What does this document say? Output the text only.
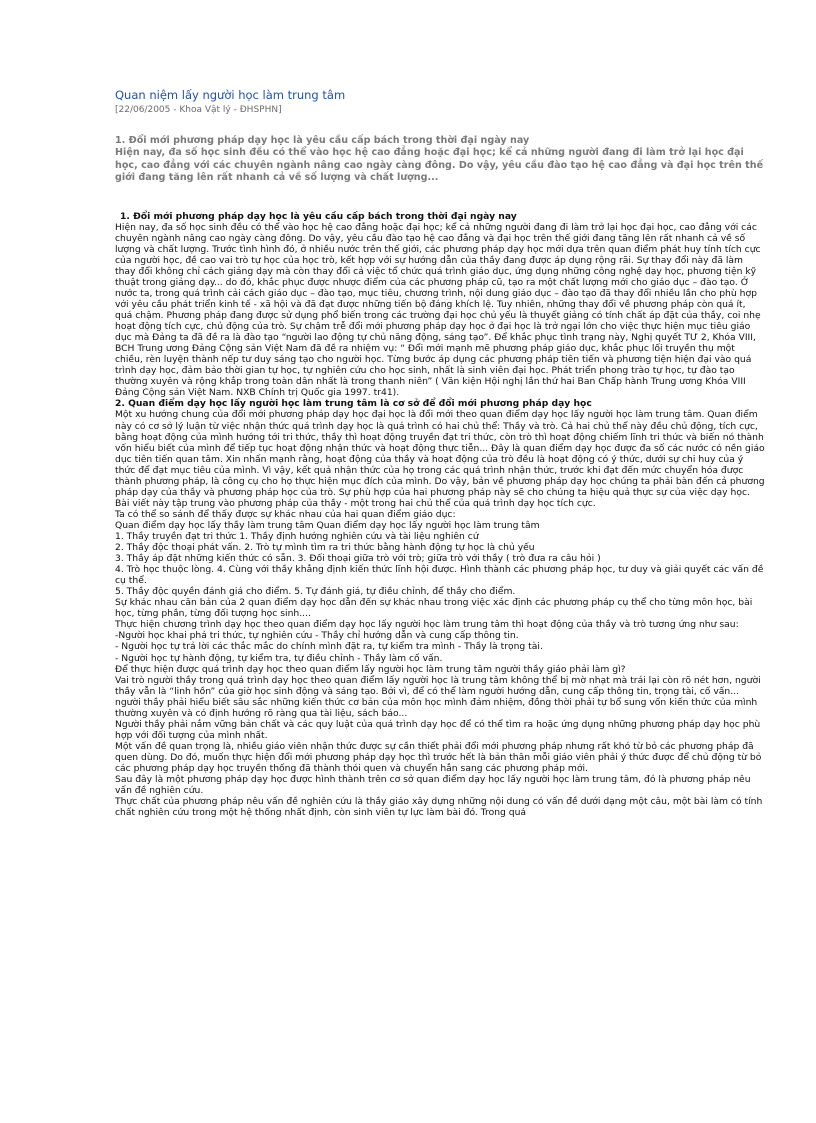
Quan niệm lấy người học làm trung tâm
[22/06/2005 - Khoa Vật lý - ĐHSPHN]

1. Đổi mới phương pháp dạy học là yêu cầu cấp bách trong thời đại ngày nay

Hiện nay, đa số học sinh đều có thể vào học hệ cao đẳng hoặc đại học; kể cả những người đang đi làm trở lại học đại học, cao đẳng với các chuyên ngành nâng cao ngày càng đông. Do vậy, yêu cầu đào tạo hệ cao đẳng và đại học trên thế giới đang tăng lên rất nhanh cả về số lượng và chất lượng...

1. Đổi mới phương pháp dạy học là yêu cầu cấp bách trong thời đại ngày nay

Hiện nay, đa số học sinh đều có thể vào học hệ cao đẳng hoặc đại học; kể cả những người đang đi làm trở lại học đại học, cao đẳng với các chuyên ngành nâng cao ngày càng đông. Do vậy, yêu cầu đào tạo hệ cao đẳng và đại học trên thế giới đang tăng lên rất nhanh cả về số lượng và chất lượng. Trước tình hình đó, ở nhiều nước trên thế giới, các phương pháp dạy học mới dựa trên quan điểm phát huy tính tích cực của người học, đề cao vai trò tự học của học trò, kết hợp với sự hướng dẫn của thầy đang được áp dụng rộng rãi. Sự thay đổi này đã làm thay đổi không chỉ cách giảng dạy mà còn thay đổi cả việc tổ chức quá trình giáo dục, ứng dụng những công nghệ dạy học, phương tiện kỹ thuật trong giảng dạy... do đó, khắc phục được nhược điểm của các phương pháp cũ, tạo ra một chất lượng mới cho giáo dục – đào tạo. Ở nước ta, trong quá trình cải cách giáo dục – đào tạo, mục tiêu, chương trình, nội dung giáo dục – đào tạo đã thay đổi nhiều lần cho phù hợp với yêu cầu phát triển kinh tế - xã hội và đã đạt được những tiến bộ đáng khích lệ. Tuy nhiên, những thay đổi về phương pháp còn quá ít, quá chậm. Phương pháp đang được sử dụng phổ biến trong các trường đại học chủ yếu là thuyết giảng có tính chất áp đặt của thầy, coi nhẹ hoạt động tích cực, chủ động của trò. Sự chậm trễ đổi mới phương pháp dạy học ở đại học là trở ngại lớn cho việc thực hiện mục tiêu giáo dục mà Đảng ta đã đề ra là đào tạo “người lao động tự chủ năng động, sáng tạo”. Để khắc phục tình trạng này, Nghị quyết TƯ 2, Khóa VIII, BCH Trung ương Đảng Cộng sản Việt Nam đã đề ra nhiệm vụ: “ Đổi mới mạnh mẽ phương pháp giáo dục, khắc phục lối truyền thụ một chiều, rèn luyện thành nếp tư duy sáng tạo cho người học. Từng bước áp dụng các phương pháp tiên tiến và phương tiện hiện đại vào quá trình dạy học, đảm bảo thời gian tự học, tự nghiên cứu cho học sinh, nhất là sinh viên đại học. Phát triển phong trào tự học, tự đào tạo thường xuyên và rộng khắp trong toàn dân nhất là trong thanh niên” ( Văn kiện Hội nghị lần thứ hai Ban Chấp hành Trung ương Khóa VIII Đảng Cộng sản Việt Nam. NXB Chính trị Quốc gia 1997. tr41).

2. Quan điểm dạy học lấy người học làm trung tâm là cơ sở để đổi mới phương pháp dạy học

Một xu hướng chung của đổi mới phương pháp dạy học đại học là đổi mới theo quan điểm dạy học lấy người học làm trung tâm. Quan điểm này có cơ sở lý luận từ việc nhận thức quá trình dạy học là quá trình có hai chủ thể: Thầy và trò. Cả hai chủ thể này đều chủ động, tích cực, bằng hoạt động của mình hướng tới tri thức, thầy thì hoạt động truyền đạt tri thức, còn trò thì hoạt động chiếm lĩnh tri thức và biến nó thành vốn hiểu biết của mình để tiếp tục hoạt động nhận thức và hoạt động thực tiễn... Đây là quan điểm dạy học được đa số các nước có nền giáo dục tiên tiến quan tâm. Xin nhấn mạnh rằng, hoạt động của thầy và hoạt động của trò đều là hoạt động có ý thức, dưới sự chi huy của ý thức để đạt mục tiêu của mình. Vì vậy, kết quả nhận thức của họ trong các quá trình nhận thức, trước khi đạt đến mức chuyển hóa được thành phương pháp, là công cụ cho họ thực hiện mục đích của mình. Do vậy, bản về phương pháp dạy học chúng ta phải bàn đến cả phương pháp dạy của thầy và phương pháp học của trò. Sự phù hợp của hai phương pháp này sẽ cho chúng ta hiệu quả thực sự của việc dạy học. Bài viết này tập trung vào phương pháp của thầy - một trong hai chủ thể của quá trình dạy học tích cực.

Ta có thể so sánh để thấy được sự khác nhau của hai quan điểm giáo dục:

Quan điểm dạy học lấy thầy làm trung tâm Quan điểm dạy học lấy người học làm trung tâm

1. Thầy truyền đạt tri thức 1. Thầy định hướng nghiên cứu và tài liệu nghiên cứ

2. Thầy độc thoại phát vấn. 2. Trò tự mình tìm ra tri thức bằng hành động tự học là chủ yếu

3. Thầy áp đặt những kiến thức có sẵn. 3. Đối thoại giữa trò với trò; giữa trò với thầy ( trò đưa ra câu hỏi )

4. Trò học thuộc lòng. 4. Cùng với thầy khẳng định kiến thức lĩnh hội được. Hình thành các phương pháp học, tư duy và giải quyết các vấn đề cụ thể.

5. Thầy độc quyền đánh giá cho điểm. 5. Tự đánh giá, tự điều chỉnh, để thầy cho điểm.

Sự khác nhau căn bản của 2 quan điểm dạy học dẫn đến sự khác nhau trong việc xác định các phương pháp cụ thể cho từng môn học, bài học, từng phần, từng đối tượng học sinh....

Thực hiện chương trình dạy học theo quan điểm dạy học lấy người học làm trung tâm thì hoạt động của thầy và trò tương ứng như sau:

-Người học khai phá tri thức, tự nghiên cứu - Thầy chỉ hướng dẫn và cung cấp thông tin.

- Người học tự trả lời các thắc mắc do chính mình đặt ra, tự kiểm tra mình - Thầy là trọng tài.

- Người học tự hành động, tự kiểm tra, tự điều chỉnh - Thầy làm cố vấn.

Để thực hiện được quá trình dạy học theo quan điểm lấy người học làm trung tâm người thầy giáo phải làm gì?

Vai trò người thầy trong quá trình dạy học theo quan điểm lấy người học là trung tâm không thể bị mờ nhạt mà trái lại còn rõ nét hơn, người thầy vẫn là “linh hồn” của giờ học sinh động và sáng tạo. Bởi vì, để có thể làm người hướng dẫn, cung cấp thông tin, trọng tài, cố vấn... người thầy phải hiểu biết sâu sắc những kiến thức cơ bản của môn học mình đảm nhiệm, đồng thời phải tự bổ sung vốn kiến thức của mình thường xuyên và có định hướng rõ ràng qua tài liệu, sách báo...

Người thầy phải nắm vững bản chất và các quy luật của quá trình dạy học để có thể tìm ra hoặc ứng dụng những phương pháp dạy học phù hợp với đối tượng của mình nhất.

Một vấn đề quan trọng là, nhiều giáo viên nhận thức được sự cần thiết phải đổi mới phương pháp nhưng rất khó từ bỏ các phương pháp đã quen dùng. Do đó, muốn thực hiện đổi mới phương pháp dạy học thì trước hết là bản thân mỗi giáo viên phải ý thức được để chủ động từ bỏ các phương pháp dạy học truyền thống đã thành thói quen và chuyển hẳn sang các phương pháp mới.

Sau đây là một phương pháp dạy học được hình thành trên cơ sở quan điểm dạy học lấy người học làm trung tâm, đó là phương pháp nêu vấn đề nghiên cứu.

Thực chất của phương pháp nêu vấn đề nghiên cứu là thầy giáo xây dựng những nội dung có vấn đề dưới dạng một câu, một bài làm có tính chất nghiên cứu trong một hệ thống nhất định, còn sinh viên tự lực làm bài đó. Trong quá
